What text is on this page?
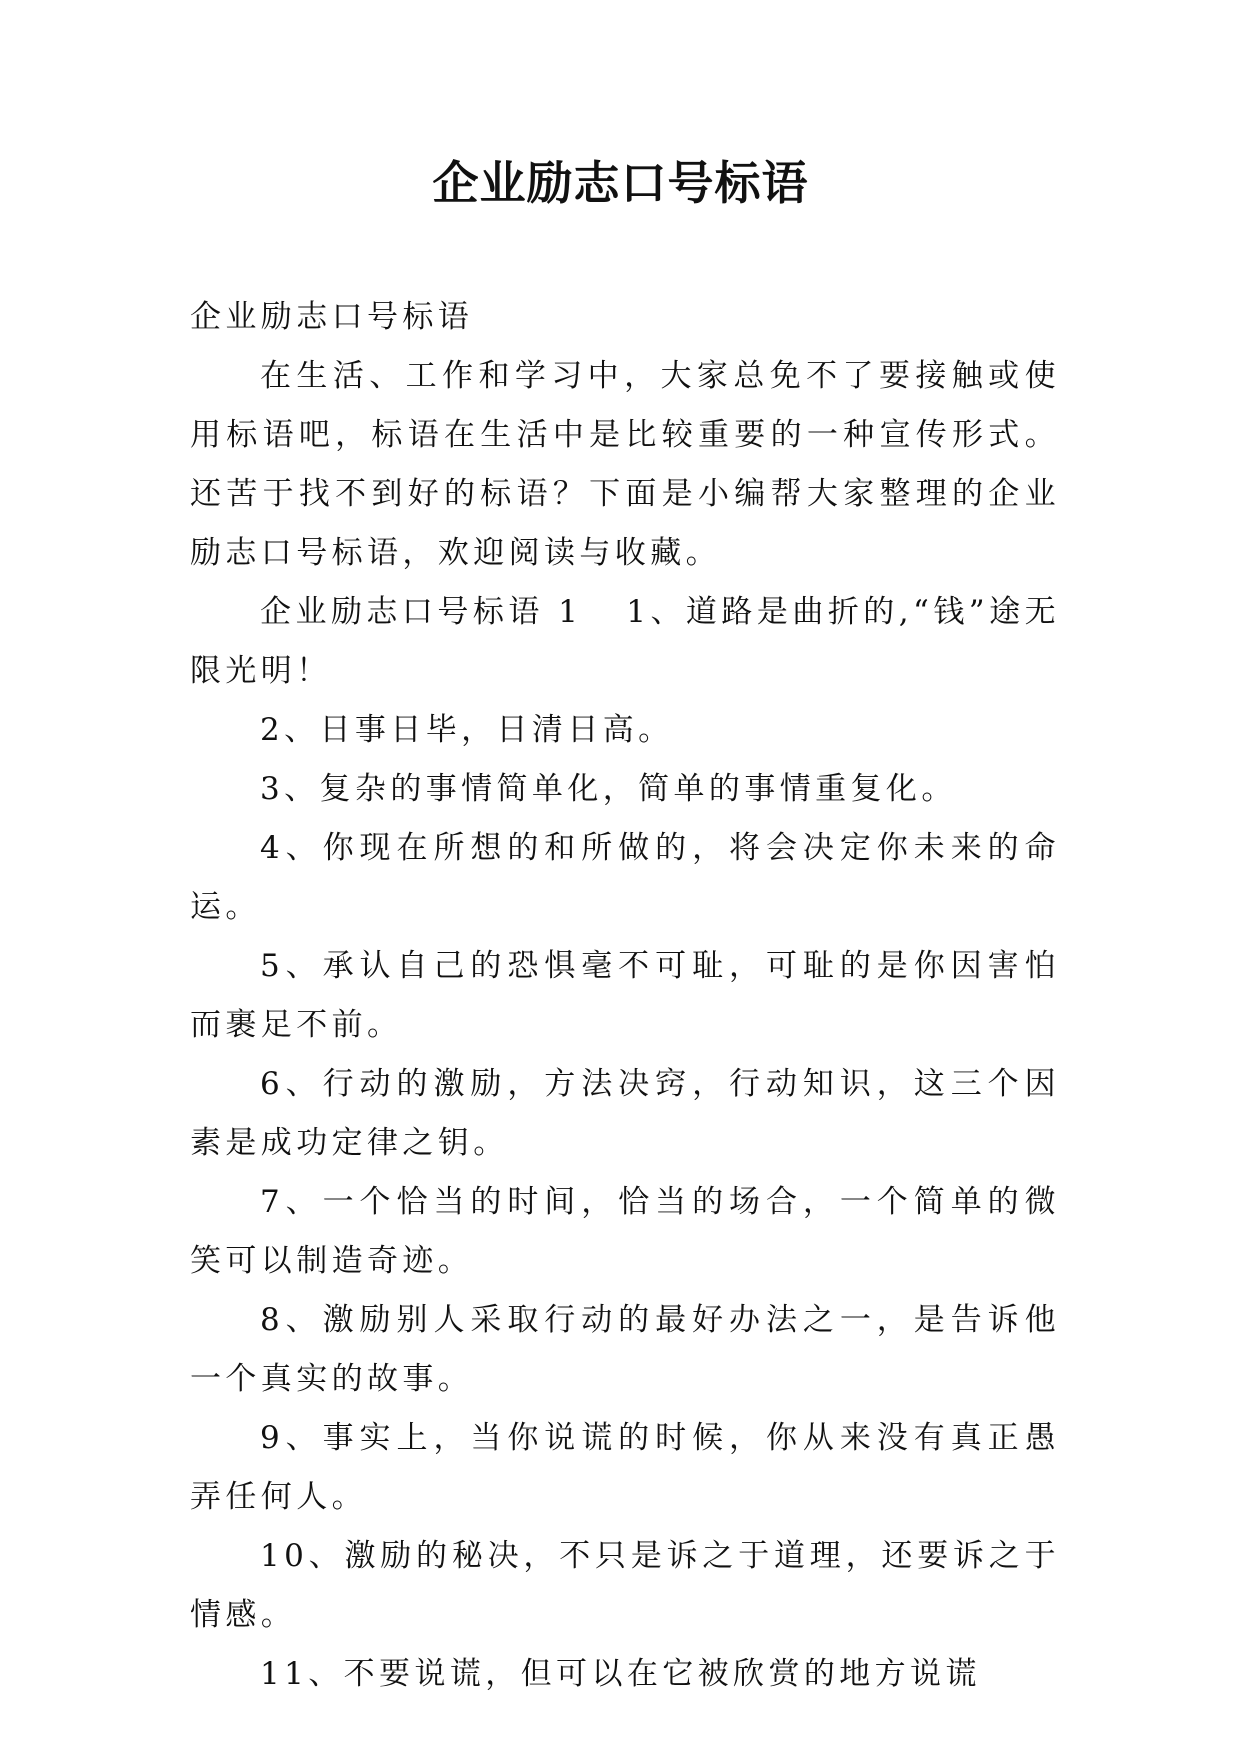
企业励志口号标语

企业励志口号标语

在生活、工作和学习中，大家总免不了要接触或使用标语吧，标语在生活中是比较重要的一种宣传形式。还苦于找不到好的标语？下面是小编帮大家整理的企业励志口号标语，欢迎阅读与收藏。

企业励志口号标语 1 1、道路是曲折的,“钱”途无限光明！

2、日事日毕，日清日高。

3、复杂的事情简单化，简单的事情重复化。

4、你现在所想的和所做的，将会决定你未来的命运。

5、承认自己的恐惧毫不可耻，可耻的是你因害怕而裹足不前。

6、行动的激励，方法决窍，行动知识，这三个因素是成功定律之钥。

7、一个恰当的时间，恰当的场合，一个简单的微笑可以制造奇迹。

8、激励别人采取行动的最好办法之一，是告诉他一个真实的故事。

9、事实上，当你说谎的时候，你从来没有真正愚弄任何人。

10、激励的秘决，不只是诉之于道理，还要诉之于情感。

11、不要说谎，但可以在它被欣赏的地方说谎
